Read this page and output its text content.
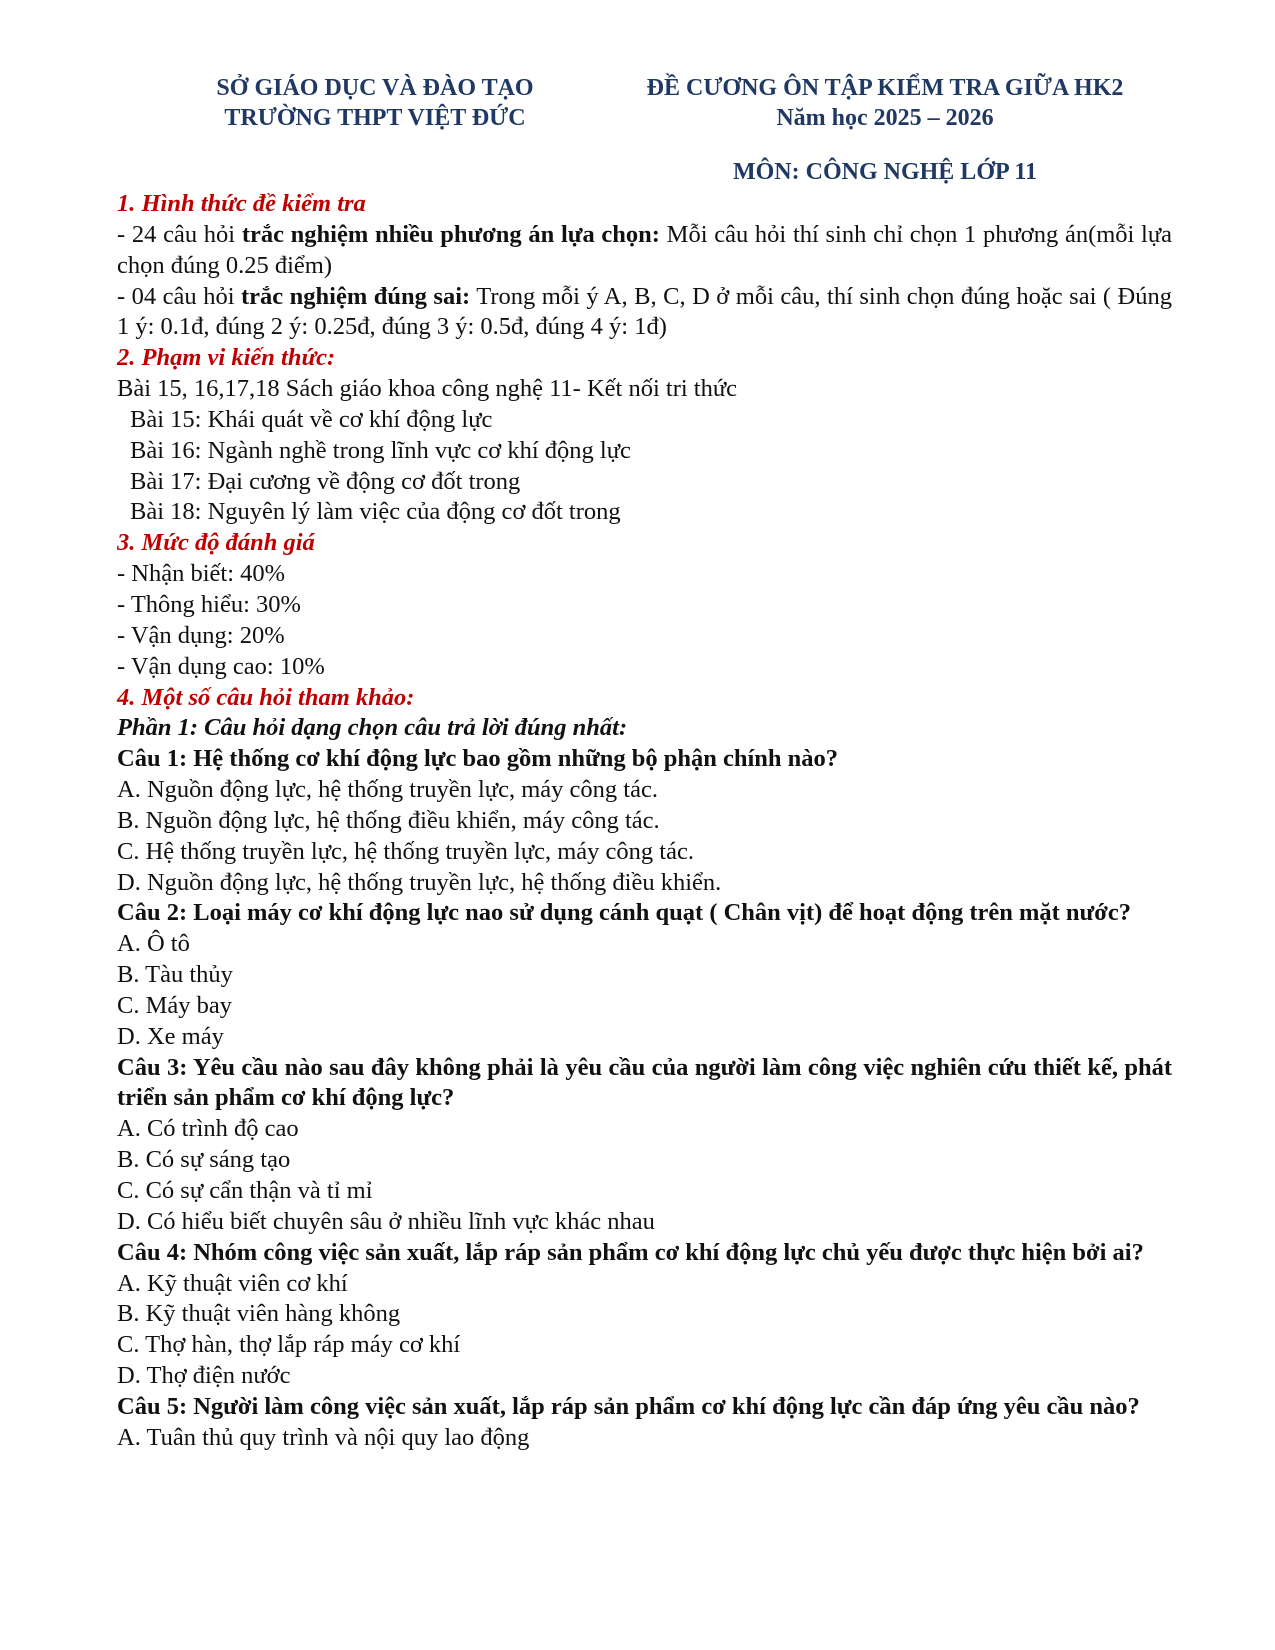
SỞ GIÁO DỤC VÀ ĐÀO TẠO
TRƯỜNG THPT VIỆT ĐỨC
ĐỀ CƯƠNG ÔN TẬP KIỂM TRA GIỮA HK2
Năm học 2025 – 2026
MÔN: CÔNG NGHỆ LỚP 11

1. Hình thức đề kiểm tra

- 24 câu hỏi trắc nghiệm nhiều phương án lựa chọn: Mỗi câu hỏi thí sinh chỉ chọn 1 phương án(mỗi lựa chọn đúng 0.25 điểm)

- 04 câu hỏi trắc nghiệm đúng sai: Trong mỗi ý A, B, C, D ở mỗi câu, thí sinh chọn đúng hoặc sai ( Đúng 1 ý: 0.1đ, đúng 2 ý: 0.25đ, đúng 3 ý: 0.5đ, đúng 4 ý: 1đ)

2. Phạm vi kiến thức:

Bài 15, 16,17,18 Sách giáo khoa công nghệ 11- Kết nối tri thức

Bài 15: Khái quát về cơ khí động lực

Bài 16: Ngành nghề trong lĩnh vực cơ khí động lực

Bài 17: Đại cương về động cơ đốt trong

Bài 18: Nguyên lý làm việc của động cơ đốt trong

3. Mức độ đánh giá

- Nhận biết: 40%

- Thông hiểu: 30%

- Vận dụng: 20%

- Vận dụng cao: 10%

4. Một số câu hỏi tham khảo:

Phần 1: Câu hỏi dạng chọn câu trả lời đúng nhất:

Câu 1: Hệ thống cơ khí động lực bao gồm những bộ phận chính nào?

A. Nguồn động lực, hệ thống truyền lực, máy công tác.

B. Nguồn động lực, hệ thống điều khiển, máy công tác.

C. Hệ thống truyền lực, hệ thống truyền lực, máy công tác.

D. Nguồn động lực, hệ thống truyền lực, hệ thống điều khiển.

Câu 2: Loại máy cơ khí động lực nao sử dụng cánh quạt ( Chân vịt) để hoạt động trên mặt nước?

A. Ô tô

B. Tàu thủy

C. Máy bay

D. Xe máy

Câu 3: Yêu cầu nào sau đây không phải là yêu cầu của người làm công việc nghiên cứu thiết kế, phát triển sản phẩm cơ khí động lực?

A. Có trình độ cao

B. Có sự sáng tạo

C. Có sự cẩn thận và tỉ mỉ

D. Có hiểu biết chuyên sâu ở nhiều lĩnh vực khác nhau

Câu 4: Nhóm công việc sản xuất, lắp ráp sản phẩm cơ khí động lực chủ yếu được thực hiện bởi ai?

A. Kỹ thuật viên cơ khí

B. Kỹ thuật viên hàng không

C. Thợ hàn, thợ lắp ráp máy cơ khí

D. Thợ điện nước

Câu 5: Người làm công việc sản xuất, lắp ráp sản phẩm cơ khí động lực cần đáp ứng yêu cầu nào?

A. Tuân thủ quy trình và nội quy lao động
